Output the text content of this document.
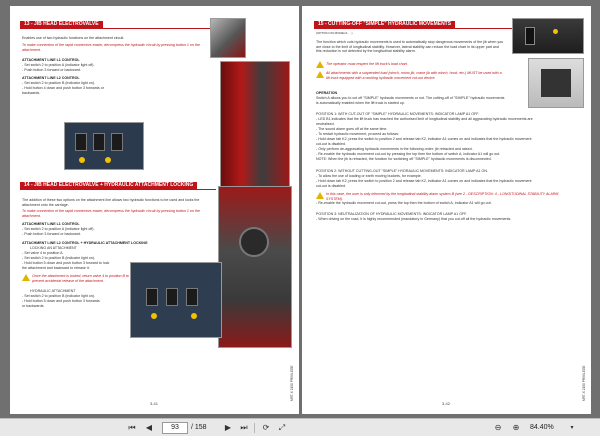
13 - JIB HEAD ELECTROVALVE
Enables use of two hydraulic functions on the attachment circuit.
To make connection of the rapid connectors easier, decompress the hydraulic circuit by pressing button 1 on the attachment.
ATTACHMENT LINE L1 CONTROL
- Set switch 2 to position A (indicator light off).
- Push button 3 forward or backward.
ATTACHMENT LINE L2 CONTROL
- Set switch 2 to position B (indicator light on).
- Hold button 4 down and push button 3 forwards or
backwards.
14 - JIB HEAD ELECTROVALVE + HYDRAULIC ATTACHMENT LOCKING
The addition of these two options on the attachment line allows two hydraulic functions to be used and locks the attachment onto the carriage.
To make connection of the rapid connectors easier, decompress the hydraulic circuit by pressing button 1 on the attachment.
ATTACHMENT LINE L1 CONTROL
- Set switch 2 to position A (indicator light off).
- Push button 3 forward or backward.
ATTACHMENT LINE L2 CONTROL + HYDRAULIC ATTACHMENT LOCKING
LOCKING AN ATTACHMENT
- Set valve 4 to position A.
- Set switch 2 to position B (indicator light on).
- Hold button 5 down and push button 3 forward to lock
the attachment and backward to release it.
Once the attachment is locked, return valve 4 to position B to prevent accidental release of the attachment.
HYDRAULIC ATTACHMENT
- Set switch 2 to position B (indicator light on).
- Hold button 5 down and push button 3 forwards
or backwards.
3-41
MRT-X 2150 PRIVILEGE
15 - CUTTING-OFF "SIMPLE" HYDRAULIC MOVEMENTS
(OPTION ON MODELS ... )
The function which cuts hydraulic movements is used to automatically stop dangerous movements of the jib when you are close to the limit of longitudinal stability. However, lateral stability can reduce the load chart in its upper part and this reduction is not detected by the longitudinal stability alarm.
The operator must respect the lift truck's load chart.
All attachments with a suspended load (winch, mono jib, crane jib with winch, hook, etc.) MUST be used with a lift truck equipped with a working hydraulic movement cut-out device.
OPERATION
Switch A allows you to cut off "SIMPLE" hydraulic movements or not. The cutting-off of "SIMPLE" hydraulic movements is automatically enabled when the lift truck is started up.
POSITION 1: WITH CUT-OUT OF "SIMPLE" HYDRAULIC MOVEMENTS: INDICATOR LAMP A1 OFF.
- LED B1 indicates that the lift truck has reached the authorised limit of longitudinal stability and all aggravating hydraulic movements are
neutralised.
- The sound alarm goes off at the same time.
- To restart hydraulic movement, proceed as follows:
- Hold down tab K2, press the switch to position 2 and release tab K2, indicator A1 comes on and indicates that the hydraulic movement
cut-out is disabled.
- Only perform de-aggravating hydraulic movements in the following order: jib retracted and raised.
- Re-enable the hydraulic movement cut-out by pressing the top then the bottom of switch A, indicator A1 will go out.
NOTE: When the jib is retracted, the function for switching off "SIMPLE" hydraulic movements is disconnected.
POSITION 2: WITHOUT CUTTING-OUT "SIMPLE" HYDRAULIC MOVEMENTS: INDICATOR LAMP A1 ON.
- To allow the use of loading or earth moving buckets, for example.
- Hold down tab K2, press the switch to position 2 and release tab K2, indicator A1 comes on and indicates that the hydraulic movement
cut-out is disabled.
In this case, the user is only informed by the longitudinal stability alarm system B (see 2 - DESCRIPTION: 4 - LONGITUDINAL STABILITY ALARM SYSTEM).
- Re-enable the hydraulic movement cut-out, press the top then the bottom of switch A, indicator A1 will go out.
POSITION 3: NEUTRALIZATION OF HYDRAULIC MOVEMENTS: INDICATOR LAMP A1 OFF.
- When driving on the road, it is highly recommended (mandatory in Germany) that you cut-off all the hydraulic movements.
3-42
MRT-X 2150 PRIVILEGE
⏮	◀	93	/ 158	▶	⏭	⟳	⤢	⊖	⊕	84.40%	▾
